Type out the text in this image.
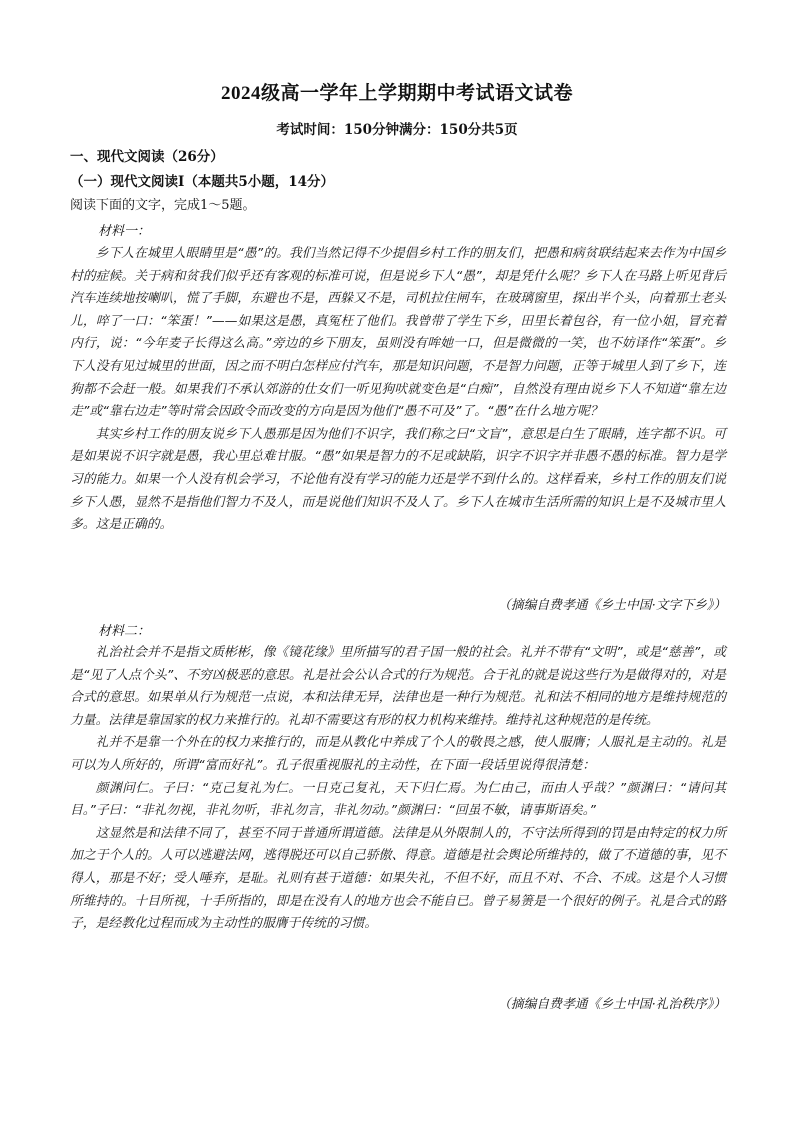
2024级高一学年上学期期中考试语文试卷
考试时间：150分钟满分：150分共5页
一、现代文阅读（26分）
（一）现代文阅读Ⅰ（本题共5小题，14分）
阅读下面的文字，完成1～5题。
材料一：

乡下人在城里人眼睛里是“愚”的。我们当然记得不少提倡乡村工作的朋友们，把愚和病贫联结起来去作为中国乡村的症候。关于病和贫我们似乎还有客观的标准可说，但是说乡下人“愚”，却是凭什么呢？乡下人在马路上听见背后汽车连续地按喇叭，慌了手脚，东避也不是，西躲又不是，司机拉住闸车，在玻璃窗里，探出半个头，向着那土老头儿，啐了一口：“笨蛋！”——如果这是愚，真冤枉了他们。我曾带了学生下乡，田里长着包谷，有一位小姐，冒充着内行，说：“今年麦子长得这么高。”旁边的乡下朋友，虽则没有哞她一口，但是微微的一笑，也不妨译作“笨蛋”。乡下人没有见过城里的世面，因之而不明白怎样应付汽车，那是知识问题，不是智力问题，正等于城里人到了乡下，连狗都不会赶一般。如果我们不承认郊游的仕女们一听见狗吠就变色是“白痴”，自然没有理由说乡下人不知道“靠左边走”或“靠右边走”等时常会因政令而改变的方向是因为他们“愚不可及”了。“愚”在什么地方呢？

其实乡村工作的朋友说乡下人愚那是因为他们不识字，我们称之曰“文盲”，意思是白生了眼睛，连字都不识。可是如果说不识字就是愚，我心里总难甘服。“愚”如果是智力的不足或缺陷，识字不识字并非愚不愚的标准。智力是学习的能力。如果一个人没有机会学习，不论他有没有学习的能力还是学不到什么的。这样看来，乡村工作的朋友们说乡下人愚，显然不是指他们智力不及人，而是说他们知识不及人了。乡下人在城市生活所需的知识上是不及城市里人多。这是正确的。

（摘编自费孝通《乡土中国·文字下乡》）
材料二：

礼治社会并不是指文质彬彬，像《镜花缘》里所描写的君子国一般的社会。礼并不带有“文明”，或是“慈善”，或是“见了人点个头”、不穷凶极恶的意思。礼是社会公认合式的行为规范。合于礼的就是说这些行为是做得对的，对是合式的意思。如果单从行为规范一点说，本和法律无异，法律也是一种行为规范。礼和法不相同的地方是维持规范的力量。法律是靠国家的权力来推行的。礼却不需要这有形的权力机构来维持。维持礼这种规范的是传统。

礼并不是靠一个外在的权力来推行的，而是从教化中养成了个人的敬畏之感，使人服膺；人服礼是主动的。礼是可以为人所好的，所谓“富而好礼”。孔子很重视服礼的主动性，在下面一段话里说得很清楚：

颜渊问仁。子曰：“克己复礼为仁。一日克己复礼，天下归仁焉。为仁由己，而由人乎哉？”颜渊曰：“请问其目。”子曰：“非礼勿视，非礼勿听，非礼勿言，非礼勿动。”颜渊曰：“回虽不敏，请事斯语矣。”

这显然是和法律不同了，甚至不同于普通所谓道德。法律是从外限制人的，不守法所得到的罚是由特定的权力所加之于个人的。人可以逃避法网，逃得脱还可以自己骄傲、得意。道德是社会舆论所维持的，做了不道德的事，见不得人，那是不好；受人唾弃，是耻。礼则有甚于道德：如果失礼，不但不好，而且不对、不合、不成。这是个人习惯所维持的。十目所视，十手所指的，即是在没有人的地方也会不能自已。曾子易箦是一个很好的例子。礼是合式的路子，是经教化过程而成为主动性的服膺于传统的习惯。

（摘编自费孝通《乡土中国·礼治秩序》）
